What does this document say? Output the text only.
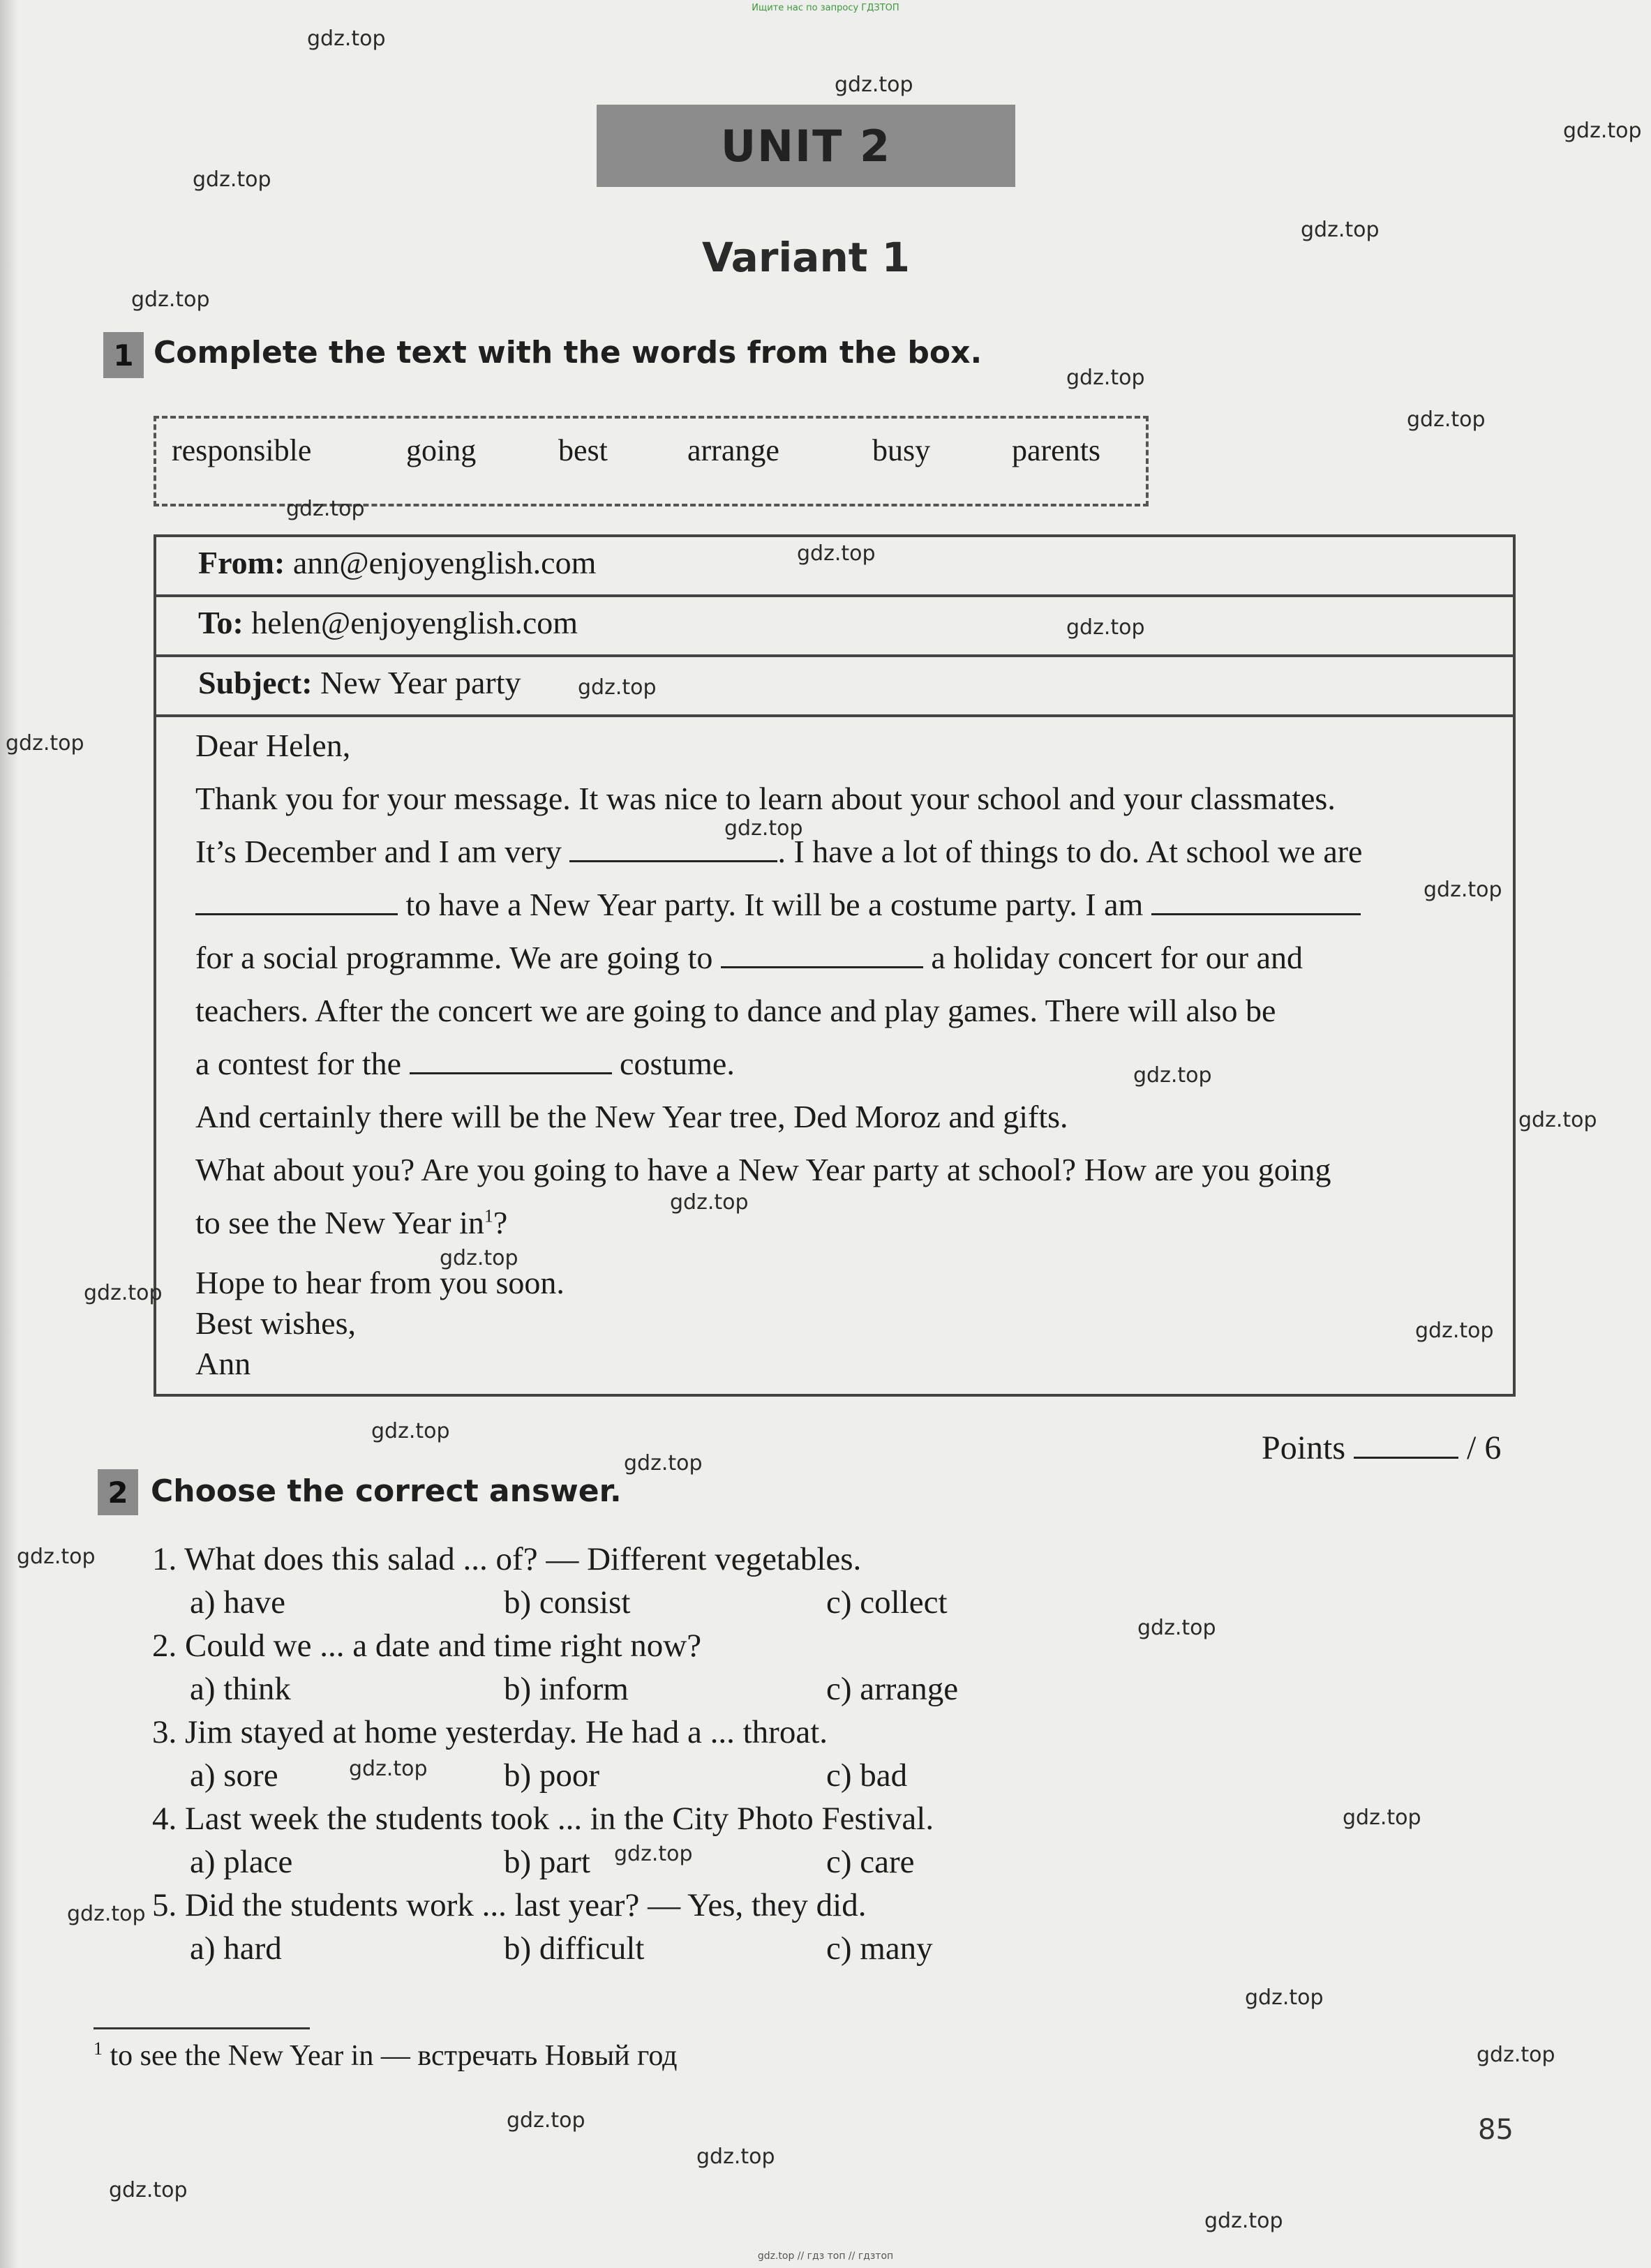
Ищите нас по запросу ГДЗТОП
UNIT 2
Variant 1
1 Complete the text with the words from the box.
responsible	going	best	arrange	busy	parents
From: ann@enjoyenglish.com
To: helen@enjoyenglish.com
Subject: New Year party
Dear Helen,
Thank you for your message. It was nice to learn about your school and your classmates.
It’s December and I am very	. I have a lot of things to do. At school we are
to have a New Year party. It will be a costume party. I am
for a social programme. We are going to	a holiday concert for our and
teachers. After the concert we are going to dance and play games. There will also be
a contest for the	costume.
And certainly there will be the New Year tree, Ded Moroz and gifts.
What about you? Are you going to have a New Year party at school? How are you going
to see the New Year $in^1$?
Hope to hear from you soon.
Best wishes,
Ann
Points	/ 6
2 Choose the correct answer.
1. What does this salad ... of? — Different vegetables.
a) have	b) consist	c) collect
2. Could we ... a date and time right now?
a) think	b) inform	c) arrange
3. Jim stayed at home yesterday. He had a ... throat.
a) sore	b) poor	c) bad
4. Last week the students took ... in the City Photo Festival.
a) place	b) part	c) care
5. Did the students work ... last year? — Yes, they did.
a) hard	b) difficult	c) many
$^1$ to see the New Year in — встречать Новый год
85
gdz.top
gdz.top
gdz.top
gdz.top
gdz.top
gdz.top
gdz.top
gdz.top
gdz.top
gdz.top
gdz.top
gdz.top
gdz.top
gdz.top
gdz.top
gdz.top
gdz.top
gdz.top
gdz.top
gdz.top
gdz.top
gdz.top
gdz.top
gdz.top
gdz.top
gdz.top
gdz.top
gdz.top
gdz.top
gdz.top
gdz.top
gdz.top
gdz.top
gdz.top
gdz.top
gdz.top // гдз топ // гдзтоп
